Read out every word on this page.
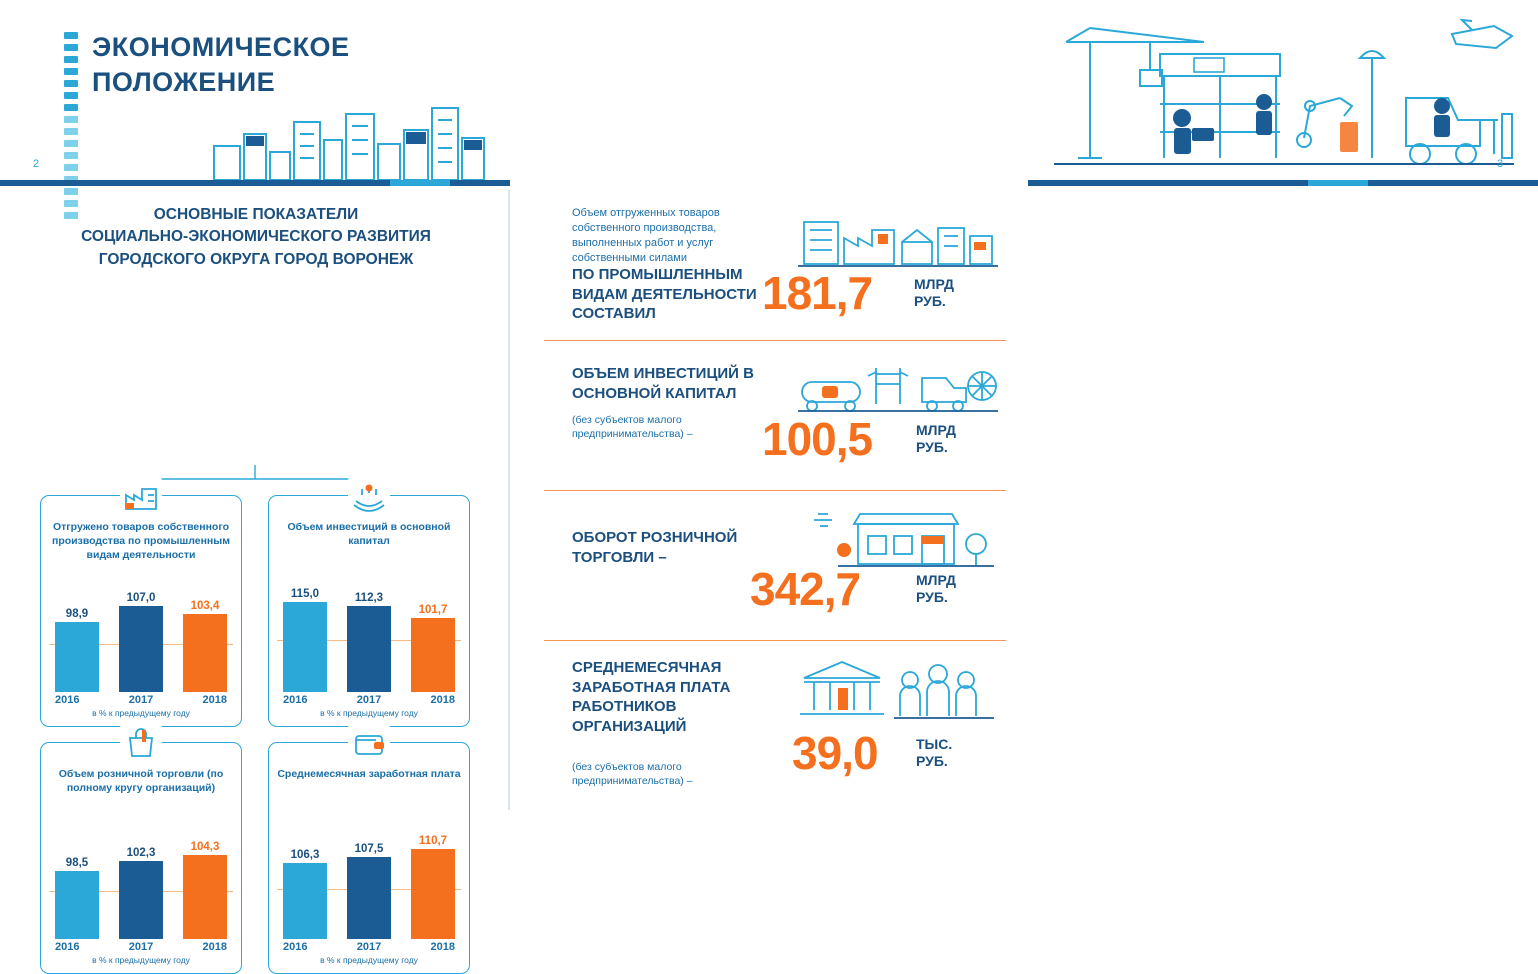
ЭКОНОМИЧЕСКОЕ
ПОЛОЖЕНИЕ
2	3
ОСНОВНЫЕ ПОКАЗАТЕЛИ
СОЦИАЛЬНО-ЭКОНОМИЧЕСКОГО РАЗВИТИЯ
ГОРОДСКОГО ОКРУГА ГОРОД ВОРОНЕЖ
Отгружено товаров собственного производства по промышленным видам деятельности
98,9
107,0
103,4
2016	2017	2018
в % к предыдущему году
Объем инвестиций в основной капитал
115,0	112,3
101,7
2016	2017	2018
в % к предыдущему году
Объем розничной торговли (по полному кругу организаций)
98,5
102,3	104,3
2016	2017	2018
в % к предыдущему году
Среднемесячная заработная плата
106,3	107,5
110,7
2016	2017	2018
в % к предыдущему году
Объем отгруженных товаров собственного производства, выполненных работ и услуг собственными силами
ПО ПРОМЫШЛЕННЫМ ВИДАМ ДЕЯТЕЛЬНОСТИ СОСТАВИЛ	181,7	МЛРД
РУБ.
ОБЪЕМ ИНВЕСТИЦИЙ В ОСНОВНОЙ КАПИТАЛ
(без субъектов малого предпринимательства) –	100,5	МЛРД
РУБ.
ОБОРОТ РОЗНИЧНОЙ ТОРГОВЛИ –
342,7	МЛРД
РУБ.
СРЕДНЕМЕСЯЧНАЯ ЗАРАБОТНАЯ ПЛАТА РАБОТНИКОВ ОРГАНИЗАЦИЙ
(без субъектов малого предпринимательства) –
39,0	ТЫС.
РУБ.
